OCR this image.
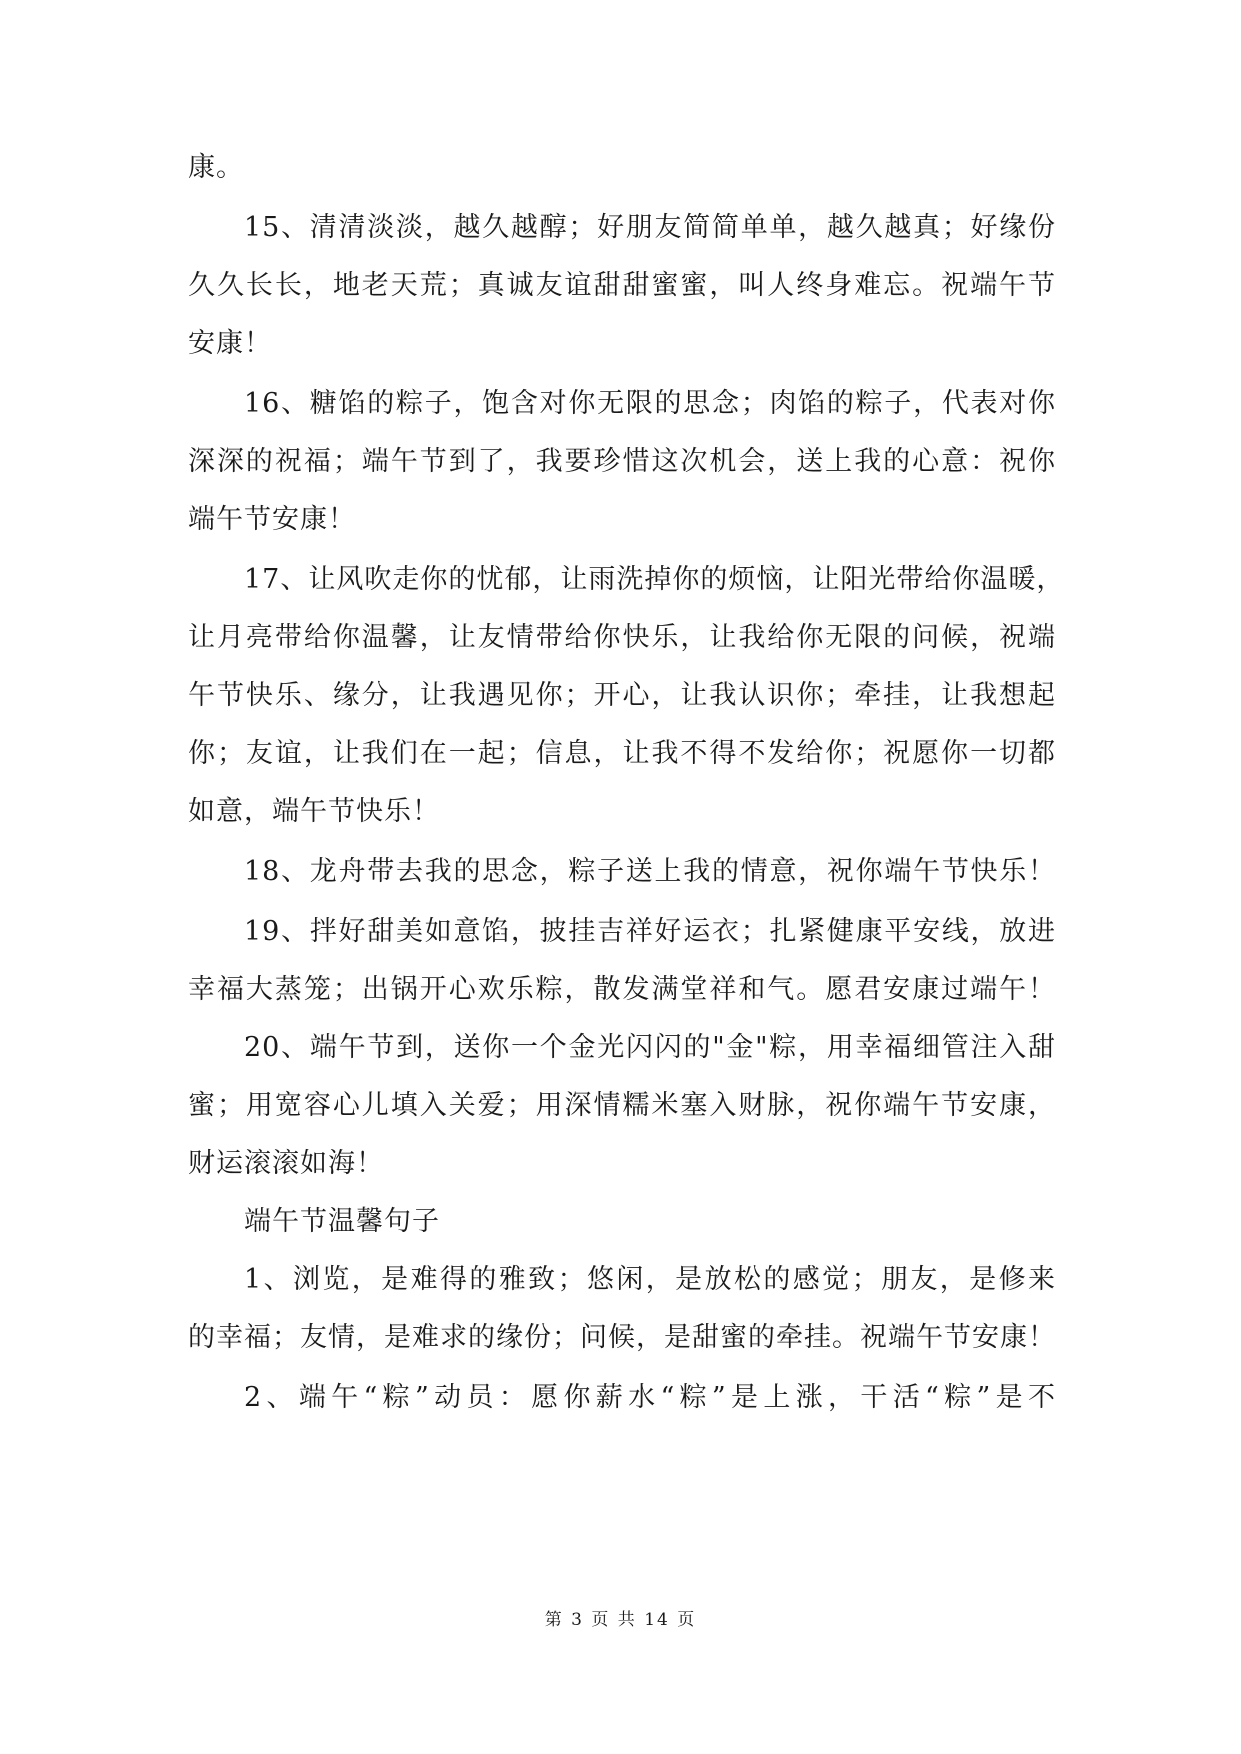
康。
15、清清淡淡，越久越醇；好朋友简简单单，越久越真；好缘份
久久长长，地老天荒；真诚友谊甜甜蜜蜜，叫人终身难忘。祝端午节
安康！
16、糖馅的粽子，饱含对你无限的思念；肉馅的粽子，代表对你
深深的祝福；端午节到了，我要珍惜这次机会，送上我的心意：祝你
端午节安康！
17、让风吹走你的忧郁，让雨洗掉你的烦恼，让阳光带给你温暖，
让月亮带给你温馨，让友情带给你快乐，让我给你无限的问候，祝端
午节快乐、缘分，让我遇见你；开心，让我认识你；牵挂，让我想起
你；友谊，让我们在一起；信息，让我不得不发给你；祝愿你一切都
如意，端午节快乐！
18、龙舟带去我的思念，粽子送上我的情意，祝你端午节快乐！
19、拌好甜美如意馅，披挂吉祥好运衣；扎紧健康平安线，放进
幸福大蒸笼；出锅开心欢乐粽，散发满堂祥和气。愿君安康过端午！
20、端午节到，送你一个金光闪闪的"金"粽，用幸福细管注入甜
蜜；用宽容心儿填入关爱；用深情糯米塞入财脉，祝你端午节安康，
财运滚滚如海！
端午节温馨句子
1、浏览，是难得的雅致；悠闲，是放松的感觉；朋友，是修来
的幸福；友情，是难求的缘份；问候，是甜蜜的牵挂。祝端午节安康！
2、端午“粽”动员：愿你薪水“粽”是上涨，干活“粽”是不
第 3 页 共 14 页
